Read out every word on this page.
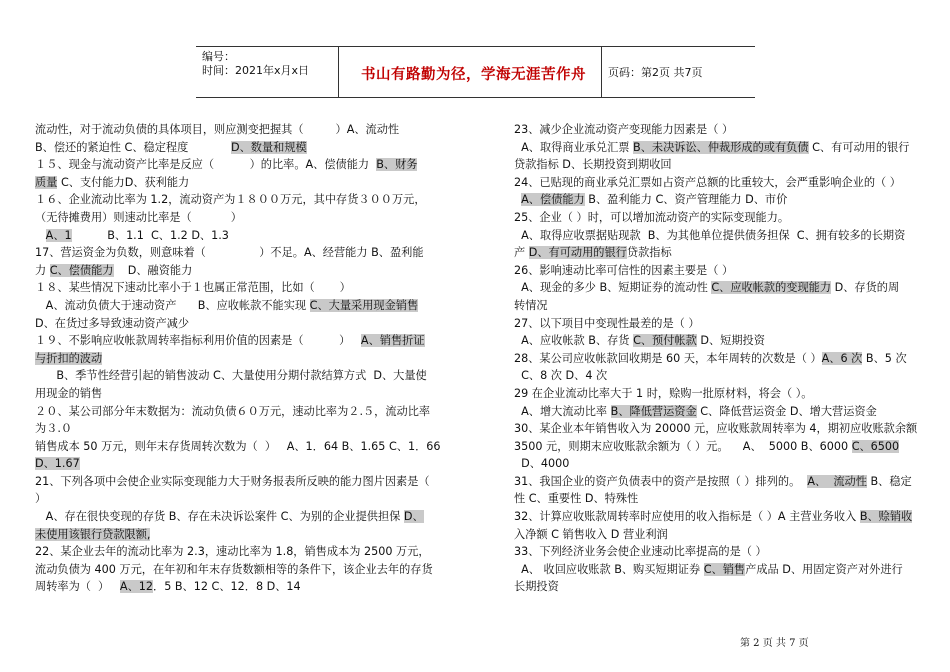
编号：
时间：2021年x月x日	书山有路勤为径，学海无涯苦作舟	页码：第2页 共7页

流动性，对于流动负债的具体项目，则应测变把握其（         ）A、流动性

B、偿还的紧迫性 C、稳定程度            D、数量和规模

１５、现金与流动资产比率是反应（          ）的比率。A、偿债能力  B、财务

质量 C、支付能力D、获利能力

１６、企业流动比率为 1.2，流动资产为１８００万元，其中存货３００万元，

（无待摊费用）则速动比率是（           ）

A、1          B、1.1  C、1.2 D、1.3

17、营运资金为负数，则意味着（               ）不足。A、经营能力 B、盈利能

力 C、偿债能力    D、融资能力

１８、某些情况下速动比率小于１也属正常范围，比如（       ）

A、流动负债大于速动资产      B、应收帐款不能实现 C、大量采用现金销售

D、在货过多导致速动资产减少

１９、不影响应收帐款周转率指标利用价值的因素是（          ）   A、销售折证

与折扣的波动

B、季节性经营引起的销售波动 C、大量使用分期付款结算方式  D、大量使

用现金的销售

２０、某公司部分年末数据为：流动负债６０万元，速动比率为２.５，流动比率

为３.０

销售成本 50 万元，则年末存货周转次数为（  ）   A、1．64 B、1.65 C、1．66

D、1.67

21、下列各项中会使企业实际变现能力大于财务报表所反映的能力图片因素是（

）

A、存在很快变现的存货 B、存在未决诉讼案件 C、为别的企业提供担保 D、

未使用该银行贷款限额,

22、某企业去年的流动比率为 2.3，速动比率为 1.8，销售成本为 2500 万元，

流动负债为 400 万元，在年初和年末存货数额相等的条件下，该企业去年的存货

周转率为（  ）   A、12．5 B、12 C、12．8 D、14

23、减少企业流动资产变现能力因素是（ ）

A、取得商业承兑汇票 B、未决诉讼、仲裁形成的或有负债 C、有可动用的银行

贷款指标 D、长期投资到期收回

24、已贴现的商业承兑汇票如占资产总额的比重较大，会严重影响企业的（ ）

A、偿债能力 B、盈利能力 C、资产管理能力 D、市价

25、企业（ ）时，可以增加流动资产的实际变现能力。

A、取得应收票据贴现款  B、为其他单位提供债务担保  C、拥有较多的长期资

产 D、有可动用的银行贷款指标

26、影响速动比率可信性的因素主要是（ ）

A、现金的多少 B、短期证券的流动性 C、应收帐款的变现能力 D、存货的周

转情况

27、以下项目中变现性最差的是（ ）

A、应收帐款 B、存货 C、预付帐款 D、短期投资

28、某公司应收帐款回收期是 60 天，本年周转的次数是（ ）A、6 次 B、5 次

C、8 次 D、4 次

29 在企业流动比率大于 1 时，赊购一批原材料，将会（ ）。

A、增大流动比率 B、降低营运资金 C、降低营运资金 D、增大营运资金

30、某企业本年销售收入为 20000 元，应收账款周转率为 4，期初应收账款余额

3500 元，则期末应收账款余额为（ ）元。    A、  5000 B、6000 C、6500

D、4000

31、我国企业的资产负债表中的资产是按照（ ）排列的。  A、  流动性 B、稳定

性 C、重要性 D、特殊性

32、计算应收账款周转率时应使用的收入指标是（ ）A 主营业务收入 B、赊销收

入净额 C 销售收入 D 营业利润

33、下列经济业务会使企业速动比率提高的是（ ）

A、 收回应收账款 B、购买短期证券 C、销售产成品 D、用固定资产对外进行

长期投资

第 2 页 共 7 页
